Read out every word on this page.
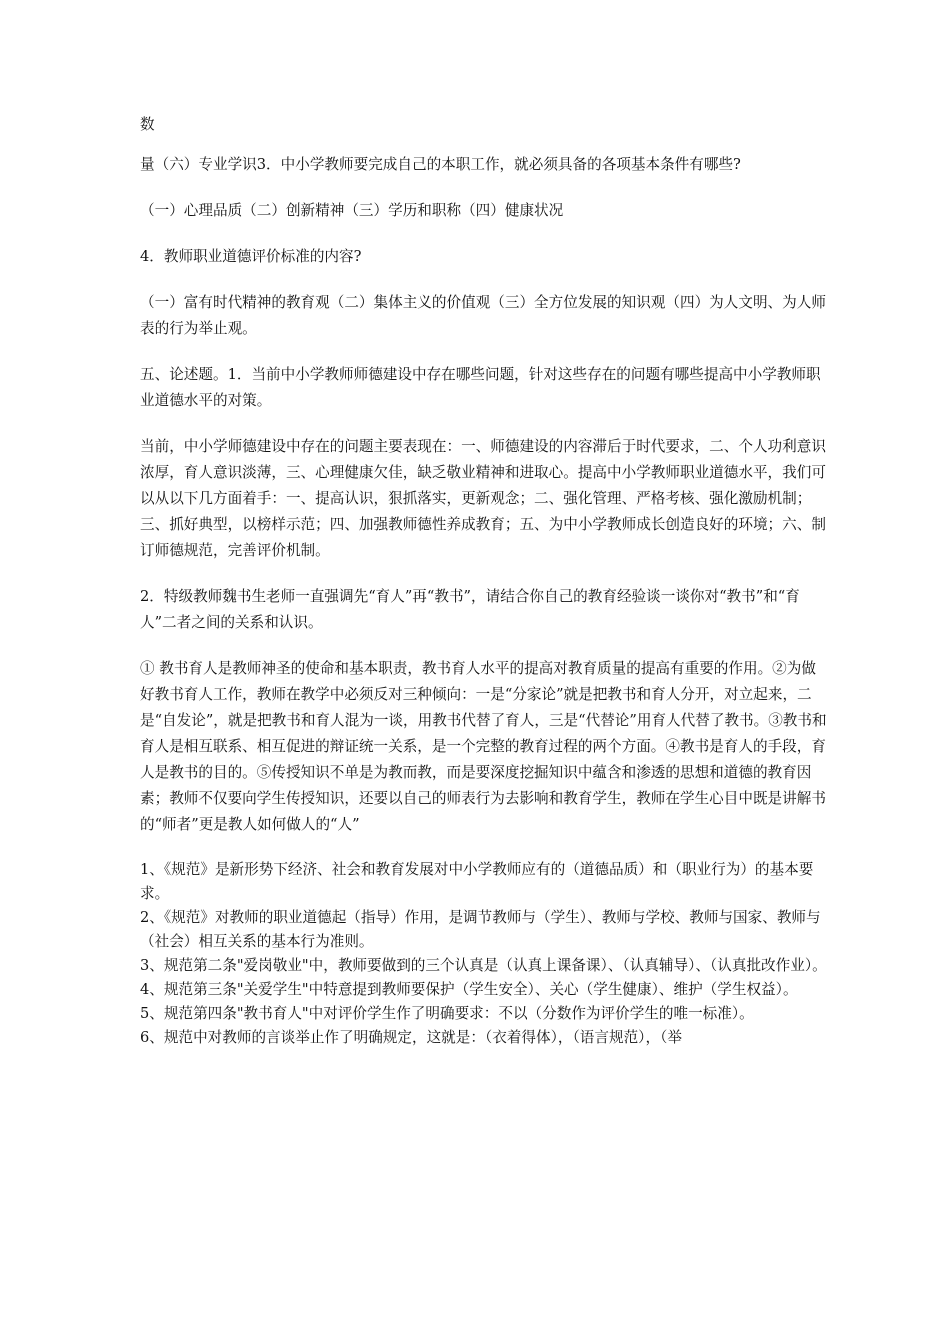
数

量（六）专业学识3．中小学教师要完成自己的本职工作，就必须具备的各项基本条件有哪些?

（一）心理品质（二）创新精神（三）学历和职称（四）健康状况

4．教师职业道德评价标准的内容?

（一）富有时代精神的教育观（二）集体主义的价值观（三）全方位发展的知识观（四）为人文明、为人师表的行为举止观。

五、论述题。1．当前中小学教师师德建设中存在哪些问题，针对这些存在的问题有哪些提高中小学教师职业道德水平的对策。

当前，中小学师德建设中存在的问题主要表现在：一、师德建设的内容滞后于时代要求，二、个人功利意识浓厚，育人意识淡薄，三、心理健康欠佳，缺乏敬业精神和进取心。提高中小学教师职业道德水平，我们可以从以下几方面着手：一、提高认识，狠抓落实，更新观念；二、强化管理、严格考核、强化激励机制；三、抓好典型，以榜样示范；四、加强教师德性养成教育；五、为中小学教师成长创造良好的环境；六、制订师德规范，完善评价机制。

2．特级教师魏书生老师一直强调先“育人”再“教书”，请结合你自己的教育经验谈一谈你对“教书”和“育人”二者之间的关系和认识。

① 教书育人是教师神圣的使命和基本职责，教书育人水平的提高对教育质量的提高有重要的作用。②为做好教书育人工作，教师在教学中必须反对三种倾向：一是“分家论”就是把教书和育人分开，对立起来，二是“自发论”，就是把教书和育人混为一谈，用教书代替了育人，三是“代替论”用育人代替了教书。③教书和育人是相互联系、相互促进的辩证统一关系，是一个完整的教育过程的两个方面。④教书是育人的手段，育人是教书的目的。⑤传授知识不单是为教而教，而是要深度挖掘知识中蕴含和渗透的思想和道德的教育因素；教师不仅要向学生传授知识，还要以自己的师表行为去影响和教育学生，教师在学生心目中既是讲解书的“师者”更是教人如何做人的“人”

1、《规范》是新形势下经济、社会和教育发展对中小学教师应有的（道德品质）和（职业行为）的基本要求。

2、《规范》对教师的职业道德起（指导）作用，是调节教师与（学生）、教师与学校、教师与国家、教师与（社会）相互关系的基本行为准则。

3、规范第二条"爱岗敬业"中，教师要做到的三个认真是（认真上课备课）、（认真辅导）、（认真批改作业）。

4、规范第三条"关爱学生"中特意提到教师要保护（学生安全）、关心（学生健康）、维护（学生权益）。

5、规范第四条"教书育人"中对评价学生作了明确要求：不以（分数作为评价学生的唯一标准）。

6、规范中对教师的言谈举止作了明确规定，这就是：（衣着得体），（语言规范），（举
